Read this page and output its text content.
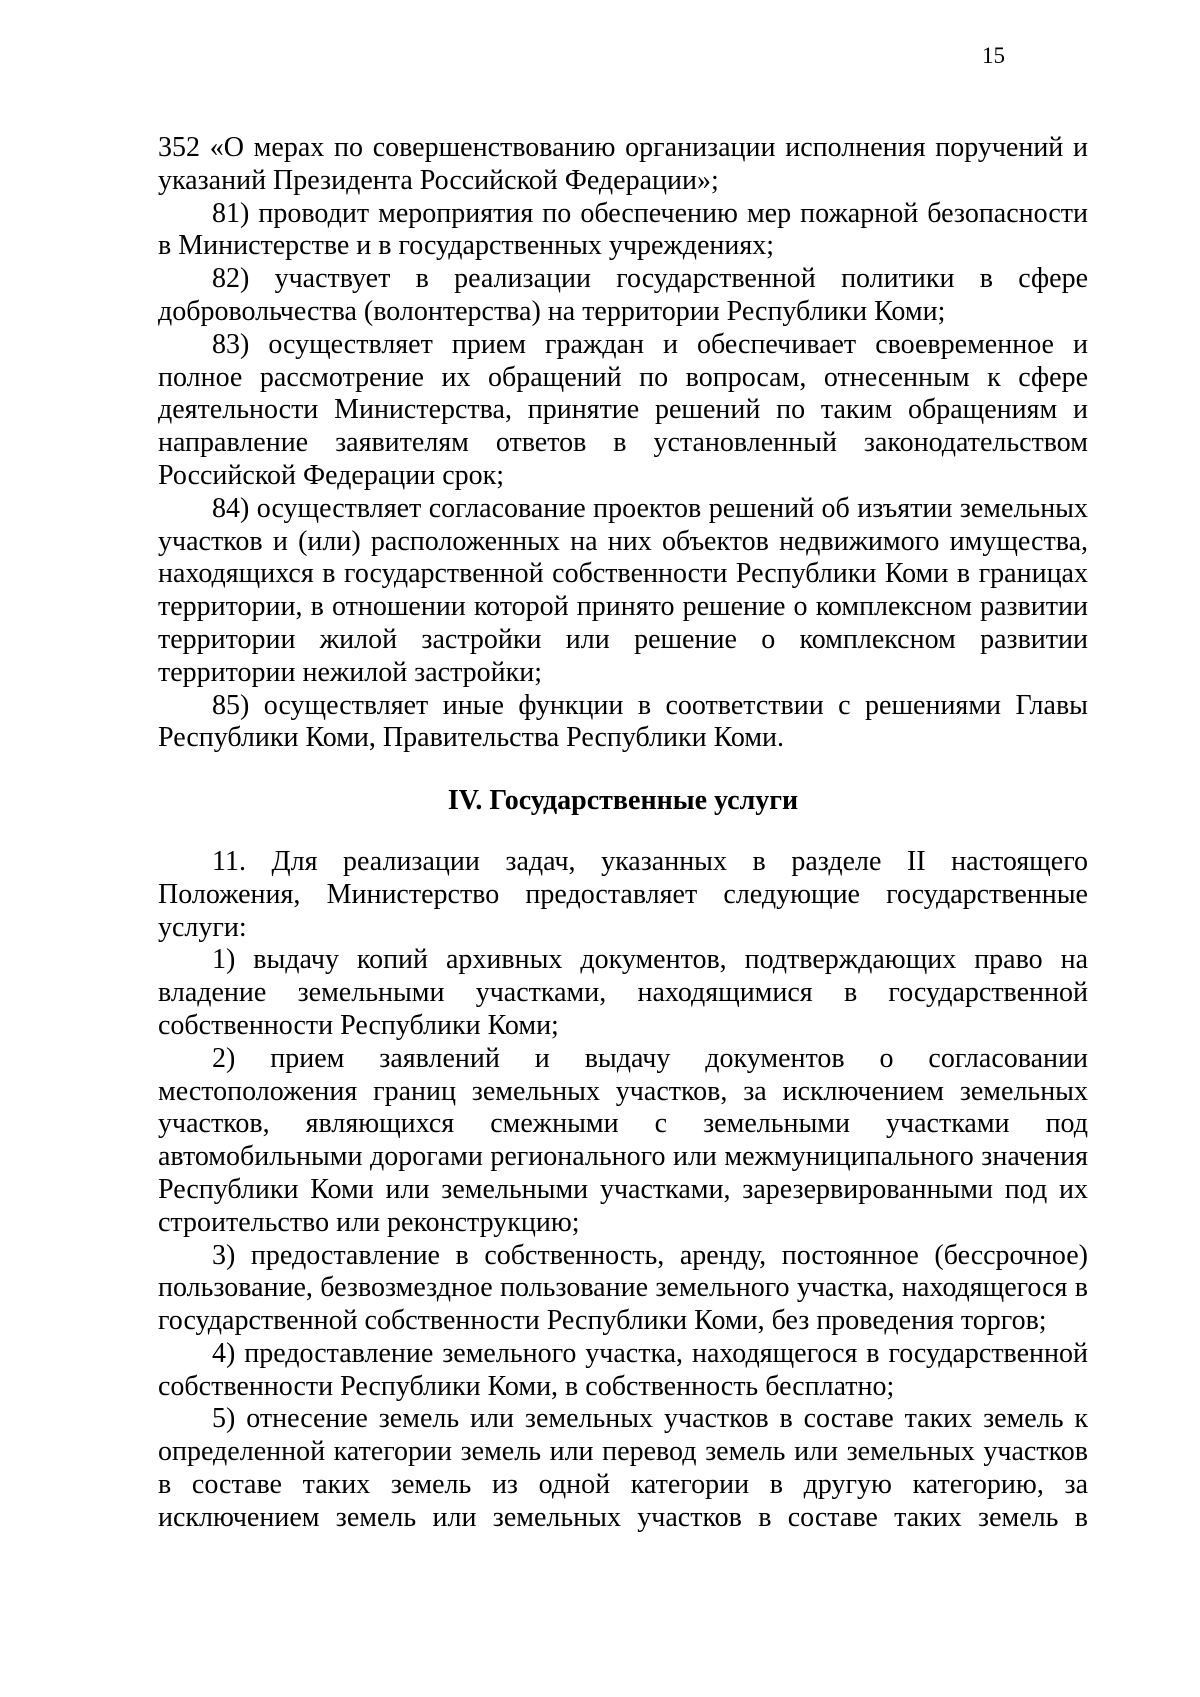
15

352 «О мерах по совершенствованию организации исполнения поручений и указаний Президента Российской Федерации»;

81) проводит мероприятия по обеспечению мер пожарной безопасности в Министерстве и в государственных учреждениях;

82) участвует в реализации государственной политики в сфере добровольчества (волонтерства) на территории Республики Коми;

83) осуществляет прием граждан и обеспечивает своевременное и полное рассмотрение их обращений по вопросам, отнесенным к сфере деятельности Министерства, принятие решений по таким обращениям и направление заявителям ответов в установленный законодательством Российской Федерации срок;

84) осуществляет согласование проектов решений об изъятии земельных участков и (или) расположенных на них объектов недвижимого имущества, находящихся в государственной собственности Республики Коми в границах территории, в отношении которой принято решение о комплексном развитии территории жилой застройки или решение о комплексном развитии территории нежилой застройки;

85) осуществляет иные функции в соответствии с решениями Главы Республики Коми, Правительства Республики Коми.

IV. Государственные услуги

11. Для реализации задач, указанных в разделе II настоящего Положения, Министерство предоставляет следующие государственные услуги:

1) выдачу копий архивных документов, подтверждающих право на владение земельными участками, находящимися в государственной собственности Республики Коми;

2) прием заявлений и выдачу документов о согласовании местоположения границ земельных участков, за исключением земельных участков, являющихся смежными с земельными участками под автомобильными дорогами регионального или межмуниципального значения Республики Коми или земельными участками, зарезервированными под их строительство или реконструкцию;

3) предоставление в собственность, аренду, постоянное (бессрочное) пользование, безвозмездное пользование земельного участка, находящегося в государственной собственности Республики Коми, без проведения торгов;

4) предоставление земельного участка, находящегося в государственной собственности Республики Коми, в собственность бесплатно;

5) отнесение земель или земельных участков в составе таких земель к определенной категории земель или перевод земель или земельных участков в составе таких земель из одной категории в другую категорию, за исключением земель или земельных участков в составе таких земель в
